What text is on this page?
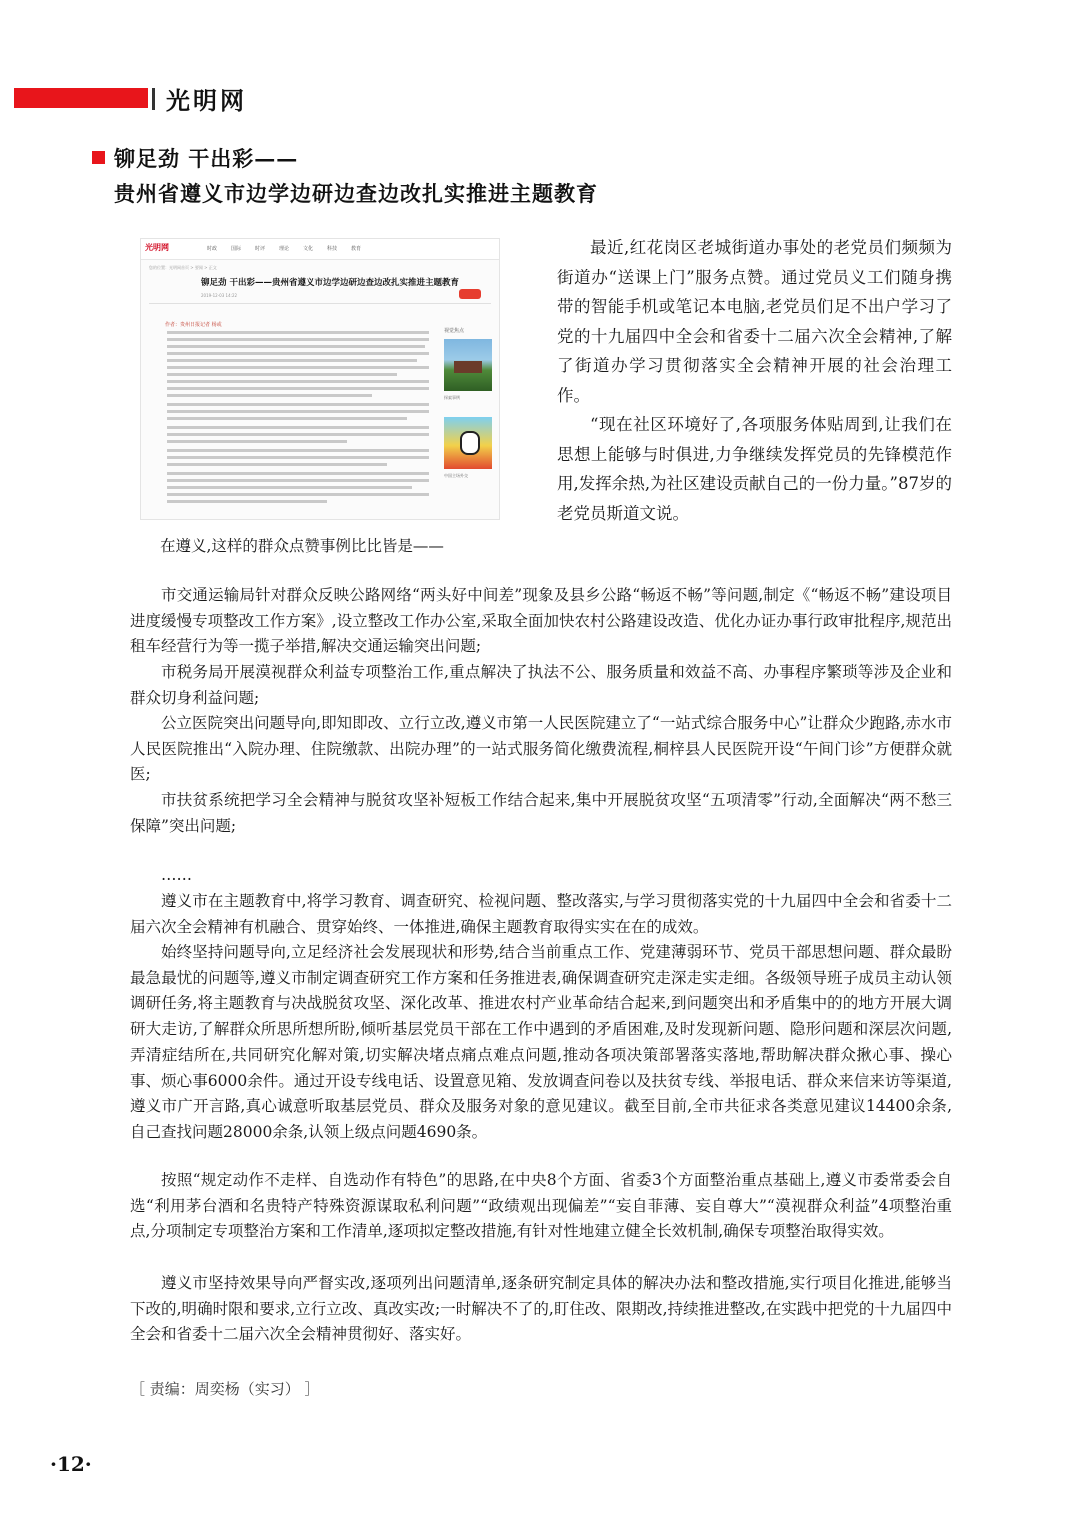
光明网
铆足劲 干出彩——
贵州省遵义市边学边研边查边改扎实推进主题教育
光明网	时政	国际	时评	理论	文化	科技	教育
您的位置：光明网首页 > 要闻 > 正文
铆足劲 干出彩——贵州省遵义市边学边研边查边改扎实推进主题教育
2019-12-03 14:22
作者：贵州日报记者 杨或
视觉焦点
探索事例
中国主场外交
在遵义,这样的群众点赞事例比比皆是——

最近,红花岗区老城街道办事处的老党员们频频为街道办“送课上门”服务点赞。通过党员义工们随身携带的智能手机或笔记本电脑,老党员们足不出户学习了党的十九届四中全会和省委十二届六次全会精神,了解了街道办学习贯彻落实全会精神开展的社会治理工作。

“现在社区环境好了,各项服务体贴周到,让我们在思想上能够与时俱进,力争继续发挥党员的先锋模范作用,发挥余热,为社区建设贡献自己的一份力量。”87岁的老党员斯道文说。

市交通运输局针对群众反映公路网络“两头好中间差”现象及县乡公路“畅返不畅”等问题,制定《“畅返不畅”建设项目进度缓慢专项整改工作方案》,设立整改工作办公室,采取全面加快农村公路建设改造、优化办证办事行政审批程序,规范出租车经营行为等一揽子举措,解决交通运输突出问题;

市税务局开展漠视群众利益专项整治工作,重点解决了执法不公、服务质量和效益不高、办事程序繁琐等涉及企业和群众切身利益问题;

公立医院突出问题导向,即知即改、立行立改,遵义市第一人民医院建立了“一站式综合服务中心”让群众少跑路,赤水市人民医院推出“入院办理、住院缴款、出院办理”的一站式服务简化缴费流程,桐梓县人民医院开设“午间门诊”方便群众就医;

市扶贫系统把学习全会精神与脱贫攻坚补短板工作结合起来,集中开展脱贫攻坚“五项清零”行动,全面解决“两不愁三保障”突出问题;

……

遵义市在主题教育中,将学习教育、调查研究、检视问题、整改落实,与学习贯彻落实党的十九届四中全会和省委十二届六次全会精神有机融合、贯穿始终、一体推进,确保主题教育取得实实在在的成效。

始终坚持问题导向,立足经济社会发展现状和形势,结合当前重点工作、党建薄弱环节、党员干部思想问题、群众最盼最急最忧的问题等,遵义市制定调查研究工作方案和任务推进表,确保调查研究走深走实走细。各级领导班子成员主动认领调研任务,将主题教育与决战脱贫攻坚、深化改革、推进农村产业革命结合起来,到问题突出和矛盾集中的的地方开展大调研大走访,了解群众所思所想所盼,倾听基层党员干部在工作中遇到的矛盾困难,及时发现新问题、隐形问题和深层次问题,弄清症结所在,共同研究化解对策,切实解决堵点痛点难点问题,推动各项决策部署落实落地,帮助解决群众揪心事、操心事、烦心事6000余件。通过开设专线电话、设置意见箱、发放调查问卷以及扶贫专线、举报电话、群众来信来访等渠道,遵义市广开言路,真心诚意听取基层党员、群众及服务对象的意见建议。截至目前,全市共征求各类意见建议14400余条,自己查找问题28000余条,认领上级点问题4690条。

按照“规定动作不走样、自选动作有特色”的思路,在中央8个方面、省委3个方面整治重点基础上,遵义市委常委会自选“利用茅台酒和名贵特产特殊资源谋取私利问题”“政绩观出现偏差”“妄自菲薄、妄自尊大”“漠视群众利益”4项整治重点,分项制定专项整治方案和工作清单,逐项拟定整改措施,有针对性地建立健全长效机制,确保专项整治取得实效。

遵义市坚持效果导向严督实改,逐项列出问题清单,逐条研究制定具体的解决办法和整改措施,实行项目化推进,能够当下改的,明确时限和要求,立行立改、真改实改;一时解决不了的,盯住改、限期改,持续推进整改,在实践中把党的十九届四中全会和省委十二届六次全会精神贯彻好、落实好。

［ 责编：周奕杨（实习） ］
·12·
